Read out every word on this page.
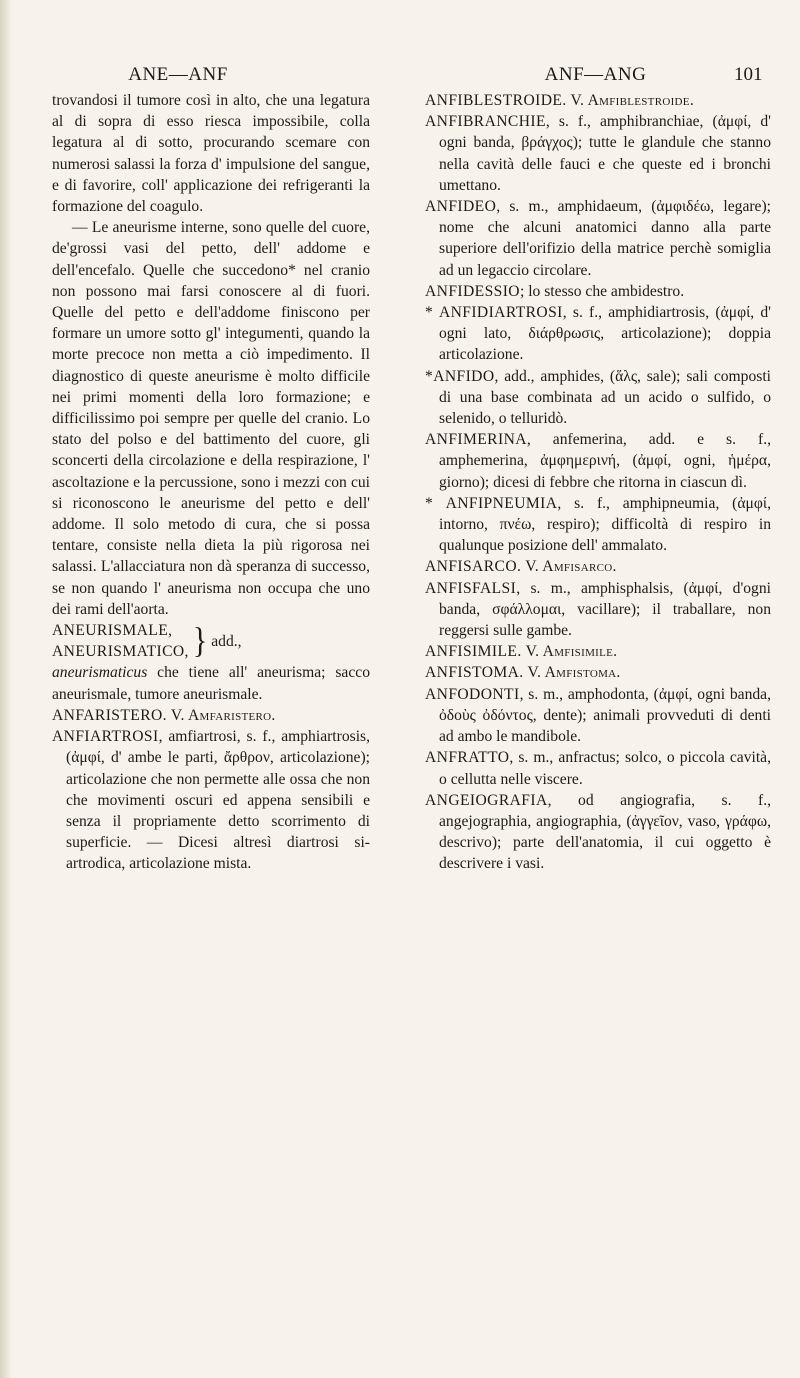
ANE—ANF	ANF—ANG	101

trovandosi il tumore così in alto, che una legatura al di sopra di esso riesca impossibile, colla legatura al di sotto, procurando scemare con numerosi salassi la forza d' impulsione del sangue, e di favorire, coll' applicazione dei refrigeranti la formazione del coagulo.

— Le aneurisme interne, sono quelle del cuore, de'grossi vasi del petto, dell' addome e dell'encefalo. Quelle che succedono* nel cranio non possono mai farsi conoscere al di fuori. Quelle del petto e dell'addome finiscono per formare un umore sotto gl' integumenti, quando la morte precoce non metta a ciò impedimento. Il diagnostico di queste aneurisme è molto difficile nei primi momenti della loro formazione; e difficilissimo poi sempre per quelle del cranio. Lo stato del polso e del battimento del cuore, gli sconcerti della circolazione e della respirazione, l' ascoltazione e la percussione, sono i mezzi con cui si riconoscono le aneurisme del petto e dell' addome. Il solo metodo di cura, che si possa tentare, consiste nella dieta la più rigorosa nei salassi. L'allacciatura non dà speranza di successo, se non quando l' aneurisma non occupa che uno dei rami dell'aorta.

ANEURISMALE,
ANEURISMATICO, } add.,

aneurismaticus che tiene all' aneurisma; sacco aneurismale, tumore aneurismale.

ANFARISTERO. V. Amfaristero.

ANFIARTROSI, amfiartrosi, s. f., amphiartrosis, (ἀμφί, d' ambe le parti, ἄρθρον, articolazione); articolazione che non permette alle ossa che non che movimenti oscuri ed appena sensibili e senza il propriamente detto scorrimento di superficie. — Dicesi altresì diartrosi si-artrodica, articolazione mista.

ANFIBLESTROIDE. V. Amfiblestroide.

ANFIBRANCHIE, s. f., amphibranchiae, (ἀμφί, d' ogni banda, βράγχος); tutte le glandule che stanno nella cavità delle fauci e che queste ed i bronchi umettano.

ANFIDEO, s. m., amphidaeum, (ἀμφιδέω, legare); nome che alcuni anatomici danno alla parte superiore dell'orifizio della matrice perchè somiglia ad un legaccio circolare.

ANFIDESSIO; lo stesso che ambidestro.

* ANFIDIARTROSI, s. f., amphidiartrosis, (ἀμφί, d' ogni lato, διάρθρωσις, articolazione); doppia articolazione.

*ANFIDO, add., amphides, (ἅλς, sale); sali composti di una base combinata ad un acido o sulfido, o selenido, o telluridò.

ANFIMERINA, anfemerina, add. e s. f., amphemerina, ἀμφημερινή, (ἀμφί, ogni, ἡμέρα, giorno); dicesi di febbre che ritorna in ciascun dì.

* ANFIPNEUMIA, s. f., amphipneumia, (ἀμφί, intorno, πνέω, respiro); difficoltà di respiro in qualunque posizione dell' ammalato.

ANFISARCO. V. Amfisarco.

ANFISFALSI, s. m., amphisphalsis, (ἀμφί, d'ogni banda, σφάλλομαι, vacillare); il traballare, non reggersi sulle gambe.

ANFISIMILE. V. Amfisimile.

ANFISTOMA. V. Amfistoma.

ANFODONTI, s. m., amphodonta, (ἀμφί, ogni banda, ὀδοὺς ὀδόντος, dente); animali provveduti di denti ad ambo le mandibole.

ANFRATTO, s. m., anfractus; solco, o piccola cavità, o cellutta nelle viscere.

ANGEIOGRAFIA, od angiografia, s. f., angejographia, angiographia, (ἀγγεῖον, vaso, γράφω, descrivo); parte dell'anatomia, il cui oggetto è descrivere i vasi.
